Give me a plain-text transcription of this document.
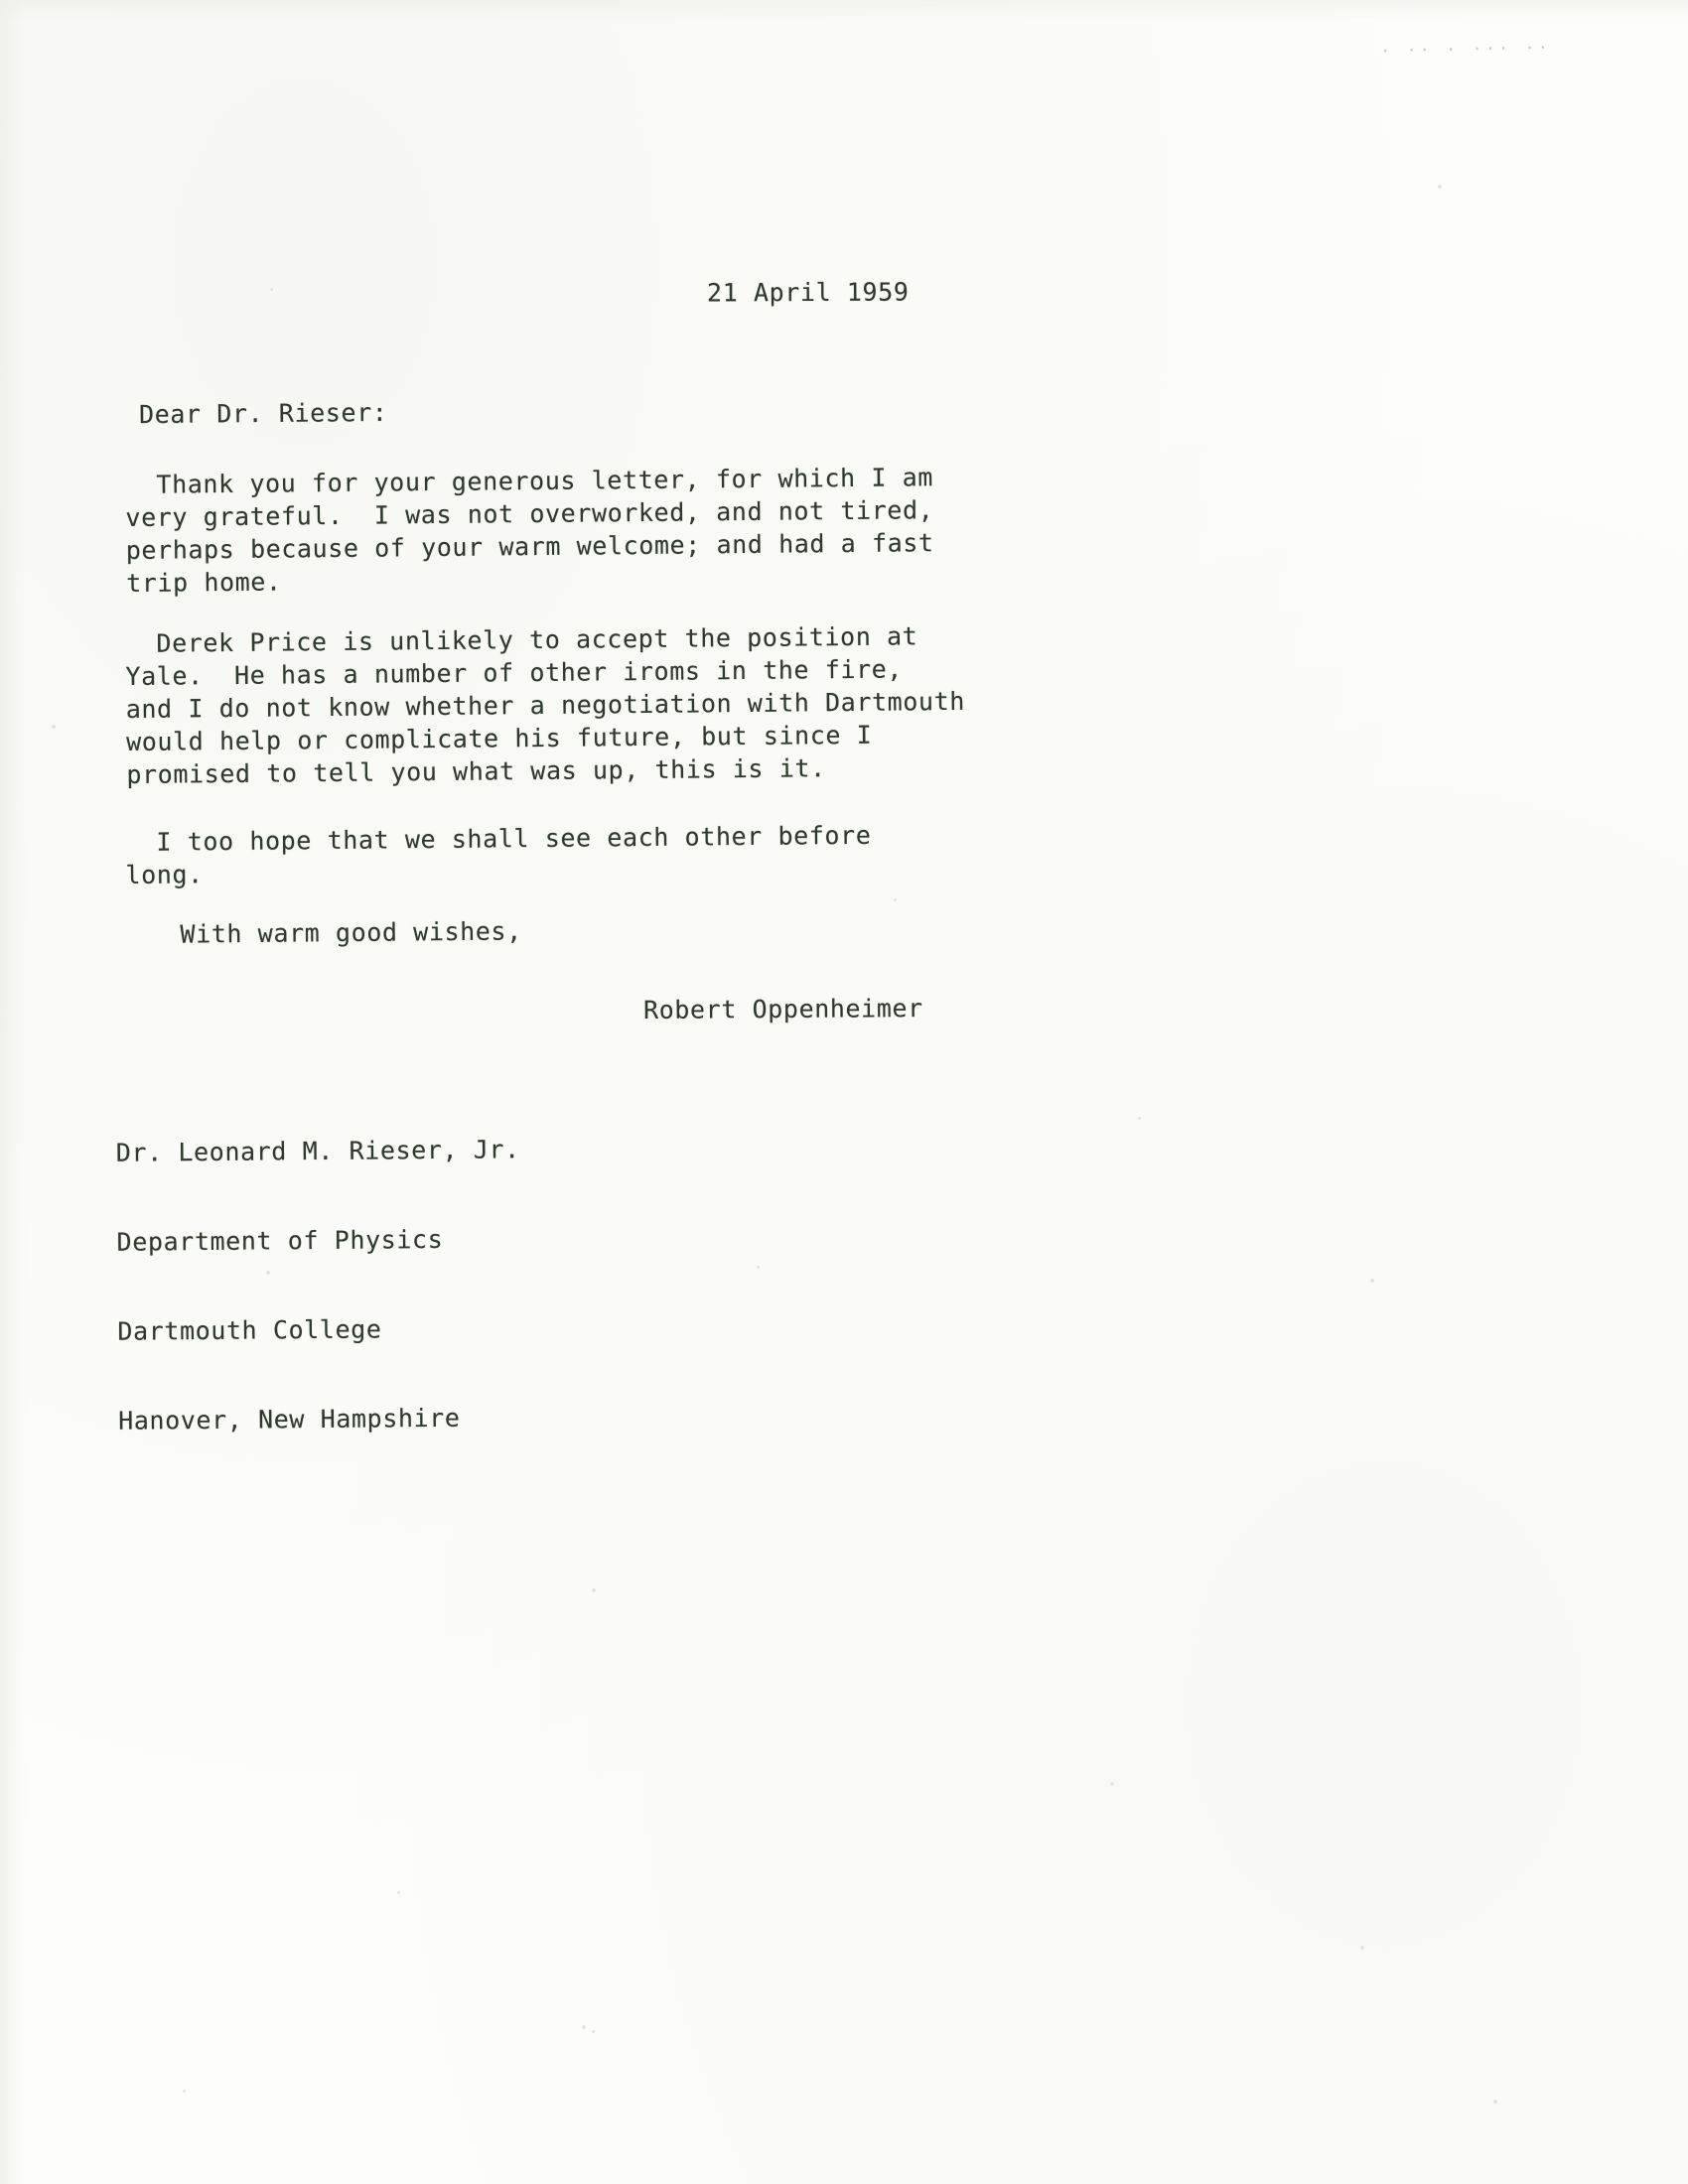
· ·· · ··· ··
21 April 1959
Dear Dr. Rieser:
Thank you for your generous letter, for which I am
very grateful.  I was not overworked, and not tired,
perhaps because of your warm welcome; and had a fast
trip home.
Derek Price is unlikely to accept the position at
Yale.  He has a number of other iroms in the fire,
and I do not know whether a negotiation with Dartmouth
would help or complicate his future, but since I
promised to tell you what was up, this is it.
I too hope that we shall see each other before
long.
With warm good wishes,
Robert Oppenheimer

Dr. Leonard M. Rieser, Jr.

Department of Physics

Dartmouth College

Hanover, New Hampshire
